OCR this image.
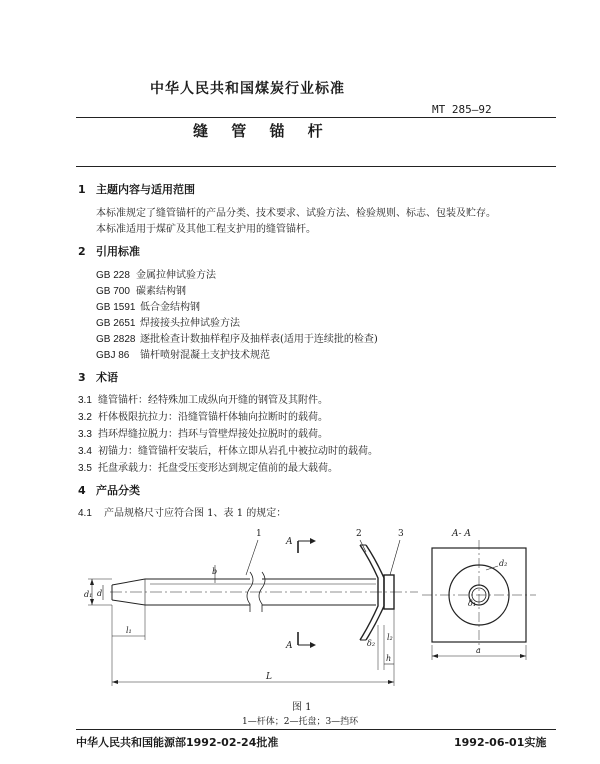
中华人民共和国煤炭行业标准
MT 285—92
缝 管 锚 杆
1 主题内容与适用范围
本标准规定了缝管锚杆的产品分类、技术要求、试验方法、检验规则、标志、包装及贮存。
本标准适用于煤矿及其他工程支护用的缝管锚杆。
2 引用标准
GB 228 金属拉伸试验方法
GB 700 碳素结构钢
GB 1591 低合金结构钢
GB 2651 焊接接头拉伸试验方法
GB 2828 逐批检查计数抽样程序及抽样表(适用于连续批的检查)
GBJ 86 锚杆喷射混凝土支护技术规范
3 术语
3.1 缝管锚杆：经特殊加工成纵向开缝的钢管及其附件。
3.2 杆体极限抗拉力：沿缝管锚杆体轴向拉断时的载荷。
3.3 挡环焊缝拉脱力：挡环与管壁焊接处拉脱时的载荷。
3.4 初锚力：缝管锚杆安装后，杆体立即从岩孔中被拉动时的载荷。
3.5 托盘承载力：托盘受压变形达到规定值前的最大载荷。
4 产品分类
4.1 产品规格尺寸应符合图 1、表 1 的规定：
1	2	3	A- A
A
A
b
d₁ d
l₁
δ₂
l₂
h
L
d₂
δ₁
a
图 1
1—杆体；2—托盘；3—挡环
中华人民共和国能源部1992-02-24批准	1992-06-01实施
